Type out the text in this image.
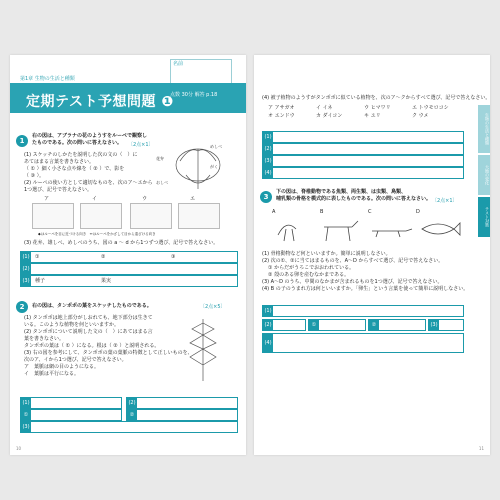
第1章 生物の生活と種類
名前
定期テスト予想問題 ❶
点数 30分 解答 p.18
1
右の図は、アブラナの花のようすをルーペで観察し
たものである。次の問いに答えなさい。	〔2点×1〕
(1) スケッチのしかたを説明した次の文の（　）に
あてはまる言葉を書きなさい。
（ ① ）細く小さな点や線を（ ② ）で、影を
（ ③ ）。
(2) ルーペの使い方として適切なものを、次のア〜エから
1つ選び、記号で答えなさい。
めしべ
がく
花弁
おしべ
ア	イ	ウ	エ
◆はルーペを目に近づける向き　↔はルーペをかざして目から遠ざける向き
(3) 花弁、雄しべ、めしべのうち、図の a 〜 d から1つずつ選び、記号で答えなさい。
(1) ①	②	③
(2)
(3) 種子	果実
2	右の図は、タンポポの葉をスケッチしたものである。	〔2点×5〕
(1) タンポポは地上部分がしおれても、地下部分は生きて
いる。このような植物を何といいますか。
(2) タンポポについて説明した文の（　）にあてはまる言
葉を書きなさい。
タンポポの葉は（ ① ）になる。根は（ ② ）と説明される。
(3) 右の図を参考にして、タンポポの葉の葉脈の特徴として正しいものを、
次のア、イから1つ選び、記号で答えなさい。
ア　葉脈は網の目のようになる。
イ　葉脈は平行になる。
(1)	(2)
①	②
(3)
10
(4) 被子植物のようすがタンポポに似ている植物を、次のア〜クからすべて選び、記号で答えなさい。
ア アサガオ	イ イネ	ウ ヒマワリ	エ トウモロコシ
オ エンドウ	カ ダイコン	キ ユリ	ク ウメ
(1)
(2)
(3)
(4)
3
下の図は、脊椎動物である魚類、両生類、は虫類、鳥類、
哺乳類の骨格を模式的に表したものである。次の問いに答えなさい。 〔2点×1〕
A	B	C	D
(1) 骨格動物など何といいますか。簡単に説明しなさい。
(2) 次の①、②に当てはまるものを、A〜D からすべて選び、記号で答えなさい。
① からだがうろこでおおわれている。
② 殻のある卵を産むなかまである。
(3) A〜D のうち、中間のなかまが含まれるものを1つ選び、記号で答えなさい。
(4) B の子のうまれ方は何といいますか。「卵生」という言葉を使って簡単に説明しなさい。
(1)
(2)	①	②	(3)
(4)
生物の生活と種類
大地の変化
テスト対策
11
